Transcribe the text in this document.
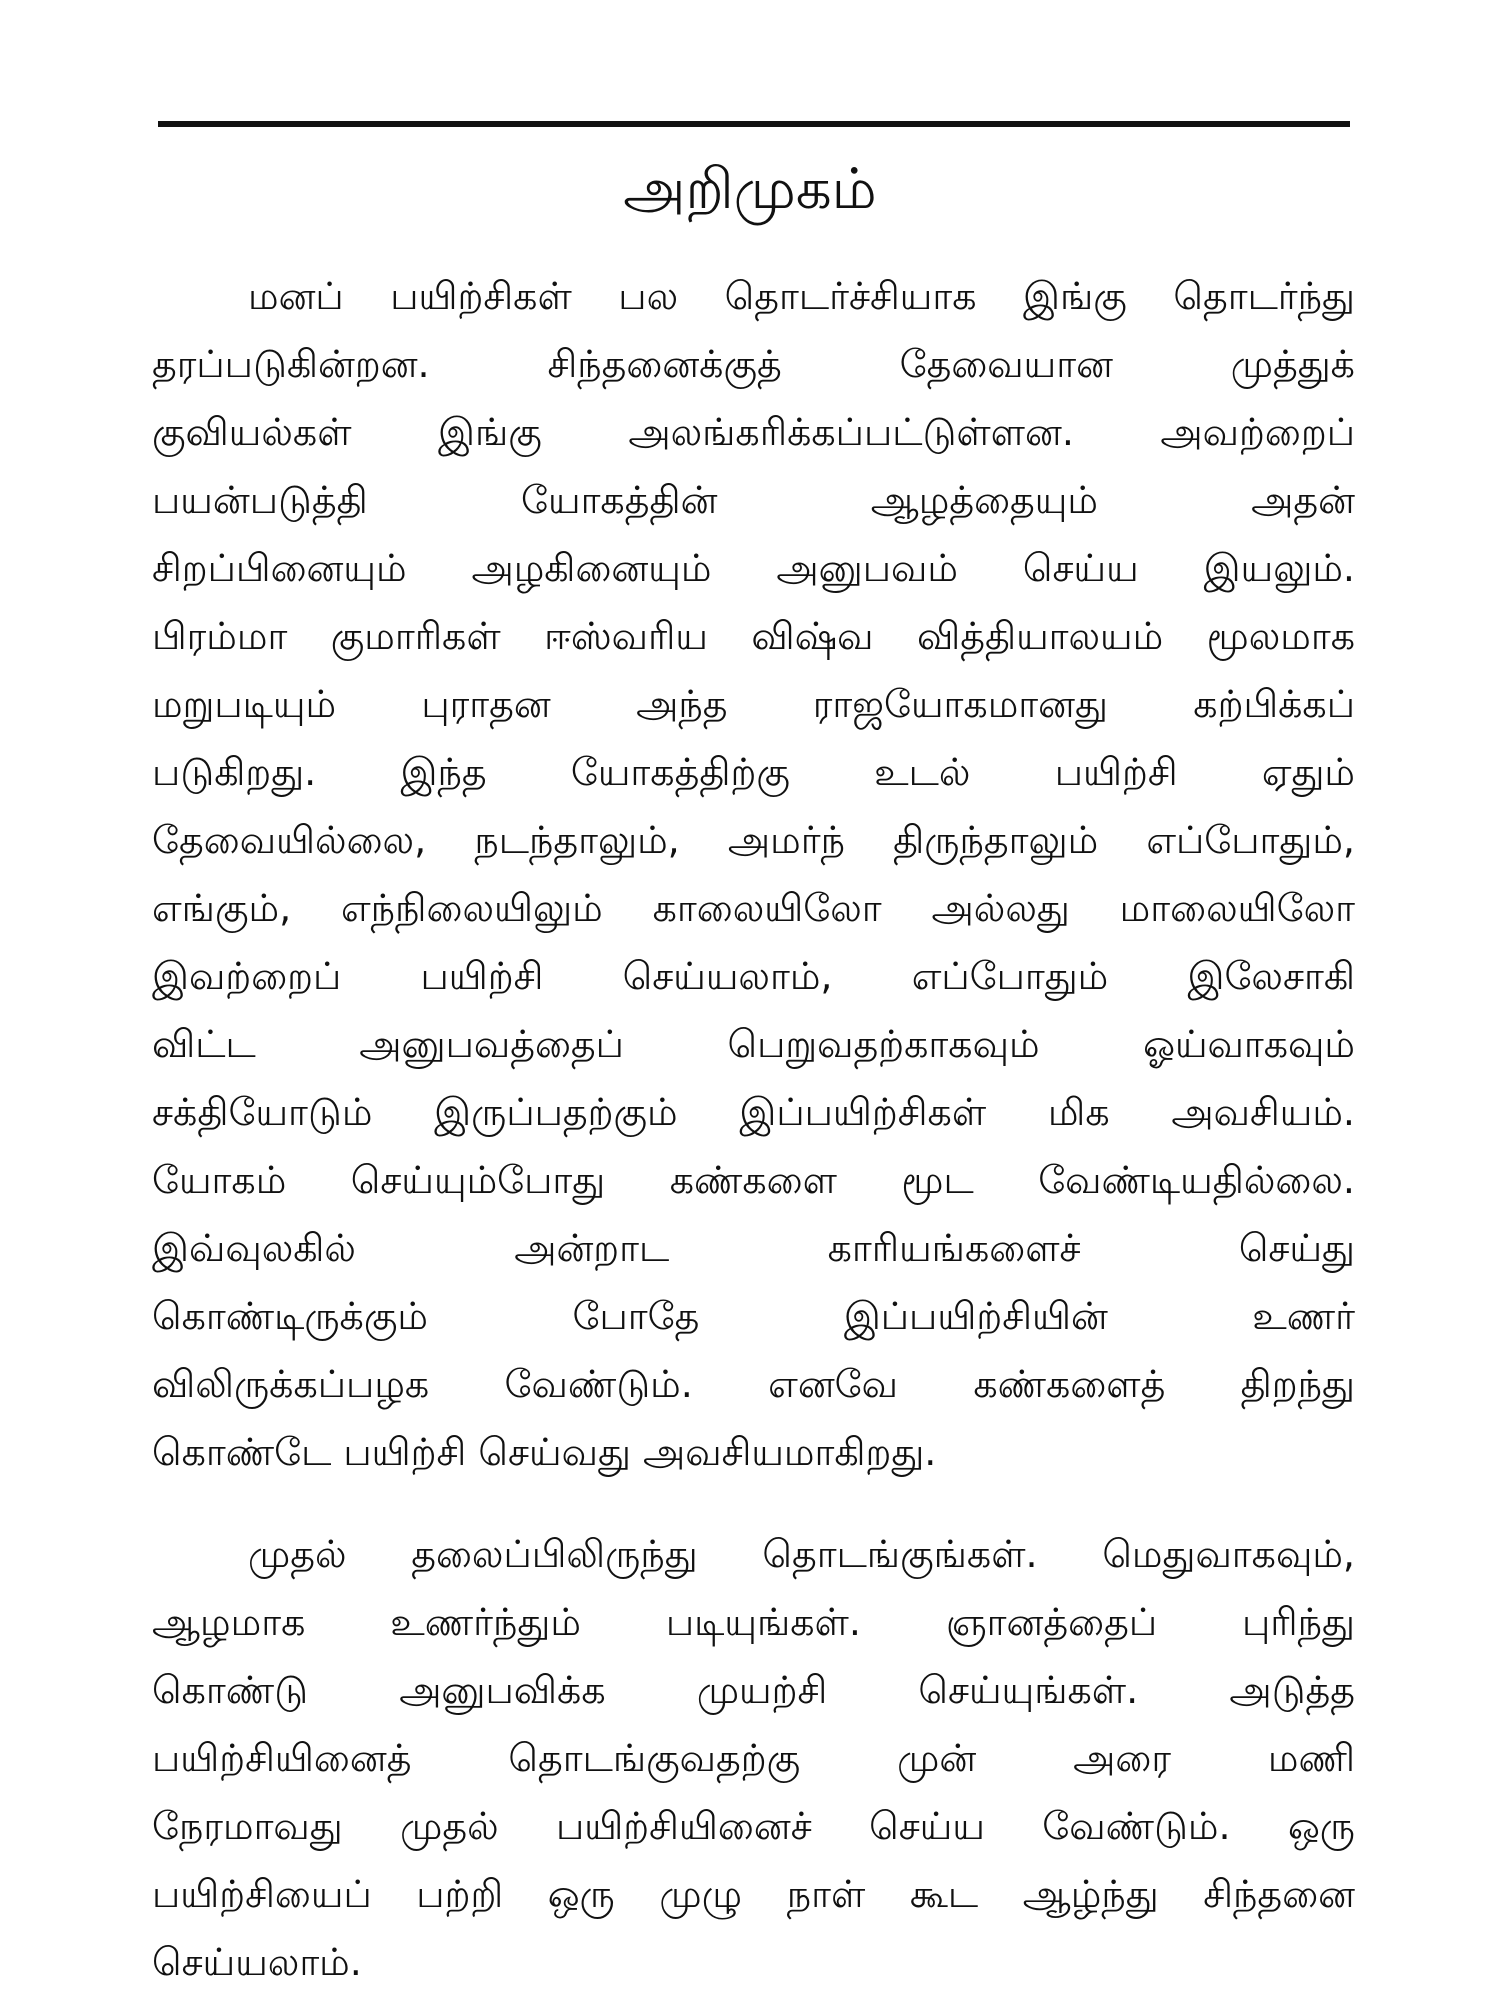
அறிமுகம்
மனப் பயிற்சிகள் பல தொடர்ச்சியாக இங்கு தொடர்ந்து
தரப்படுகின்றன. சிந்தனைக்குத் தேவையான முத்துக்
குவியல்கள் இங்கு அலங்கரிக்கப்பட்டுள்ளன. அவற்றைப்
பயன்படுத்தி யோகத்தின் ஆழத்தையும் அதன்
சிறப்பினையும் அழகினையும் அனுபவம் செய்ய இயலும்.
பிரம்மா குமாரிகள் ஈஸ்வரிய விஷ்வ வித்தியாலயம் மூலமாக
மறுபடியும் புராதன அந்த ராஜயோகமானது கற்பிக்கப்
படுகிறது. இந்த யோகத்திற்கு உடல் பயிற்சி ஏதும்
தேவையில்லை, நடந்தாலும், அமர்ந் திருந்தாலும் எப்போதும்,
எங்கும், எந்நிலையிலும் காலையிலோ அல்லது மாலையிலோ
இவற்றைப் பயிற்சி செய்யலாம், எப்போதும் இலேசாகி
விட்ட அனுபவத்தைப் பெறுவதற்காகவும் ஓய்வாகவும்
சக்தியோடும் இருப்பதற்கும் இப்பயிற்சிகள் மிக அவசியம்.
யோகம் செய்யும்போது கண்களை மூட வேண்டியதில்லை.
இவ்வுலகில் அன்றாட காரியங்களைச் செய்து
கொண்டிருக்கும் போதே இப்பயிற்சியின் உணர்
விலிருக்கப்பழக வேண்டும். எனவே கண்களைத் திறந்து
கொண்டே பயிற்சி செய்வது அவசியமாகிறது.
முதல் தலைப்பிலிருந்து தொடங்குங்கள். மெதுவாகவும்,
ஆழமாக உணர்ந்தும் படியுங்கள். ஞானத்தைப் புரிந்து
கொண்டு அனுபவிக்க முயற்சி செய்யுங்கள். அடுத்த
பயிற்சியினைத் தொடங்குவதற்கு முன் அரை மணி
நேரமாவது முதல் பயிற்சியினைச் செய்ய வேண்டும். ஒரு
பயிற்சியைப் பற்றி ஒரு முழு நாள் கூட ஆழ்ந்து சிந்தனை
செய்யலாம்.
